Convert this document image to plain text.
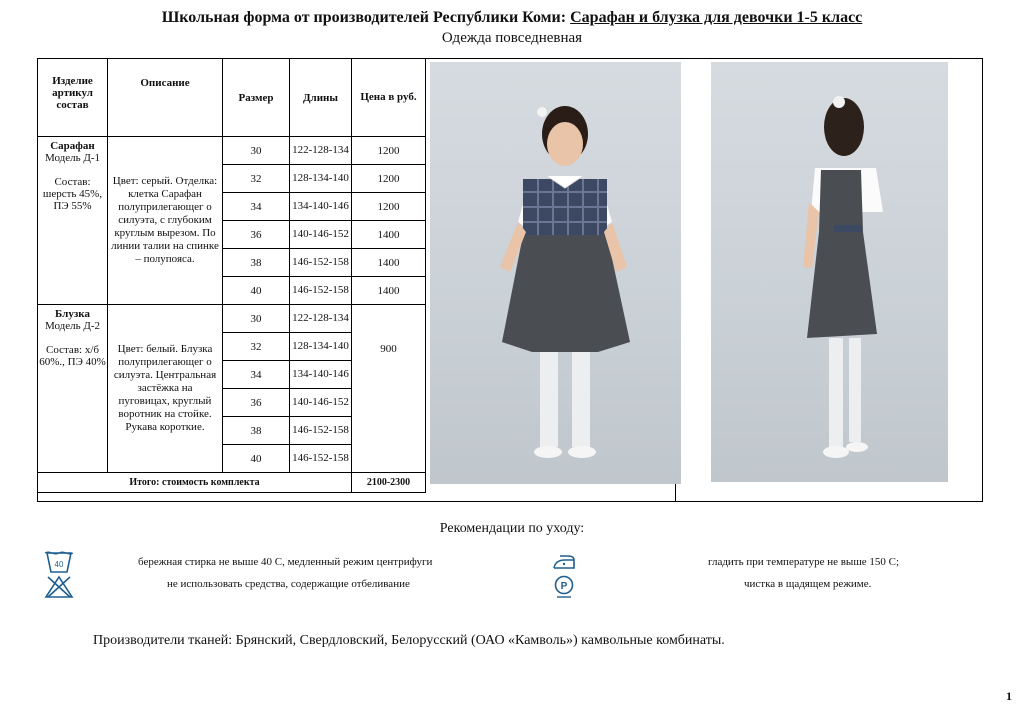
Школьная форма от производителей Республики Коми: Сарафан и блузка для девочки 1-5 класс
Одежда повседневная
Изделие артикул состав	Описание	Размер	Длины	Цена в руб.
Сарафан
Модель Д-1

Состав: шерсть 45%, ПЭ 55%	Цвет: серый. Отделка: клетка Сарафан полуприлегающег о силуэта, с глубоким круглым вырезом. По линии талии на спинке – полупояса.	30	122-128-134	1200
		32	128-134-140	1200
		34	134-140-146	1200
		36	140-146-152	1400
		38	146-152-158	1400
		40	146-152-158	1400
Блузка
Модель Д-2

Состав: х/б 60%., ПЭ 40%	Цвет: белый. Блузка полуприлегающег о силуэта. Центральная застёжка на пуговицах, круглый воротник на стойке. Рукава короткие.	30	122-128-134	900
		32	128-134-140	
		34	134-140-146	
		36	140-146-152	
		38	146-152-158	
		40	146-152-158	
Итого: стоимость комплекта				2100-2300
Рекомендации по уходу:
40
P
бережная стирка не выше 40 С, медленный режим центрифуги
не использовать средства, содержащие отбеливание
гладить при температуре не выше 150 С;
чистка в щадящем режиме.
Производители тканей: Брянский, Свердловский, Белорусский (ОАО «Камволь») камвольные комбинаты.
1
